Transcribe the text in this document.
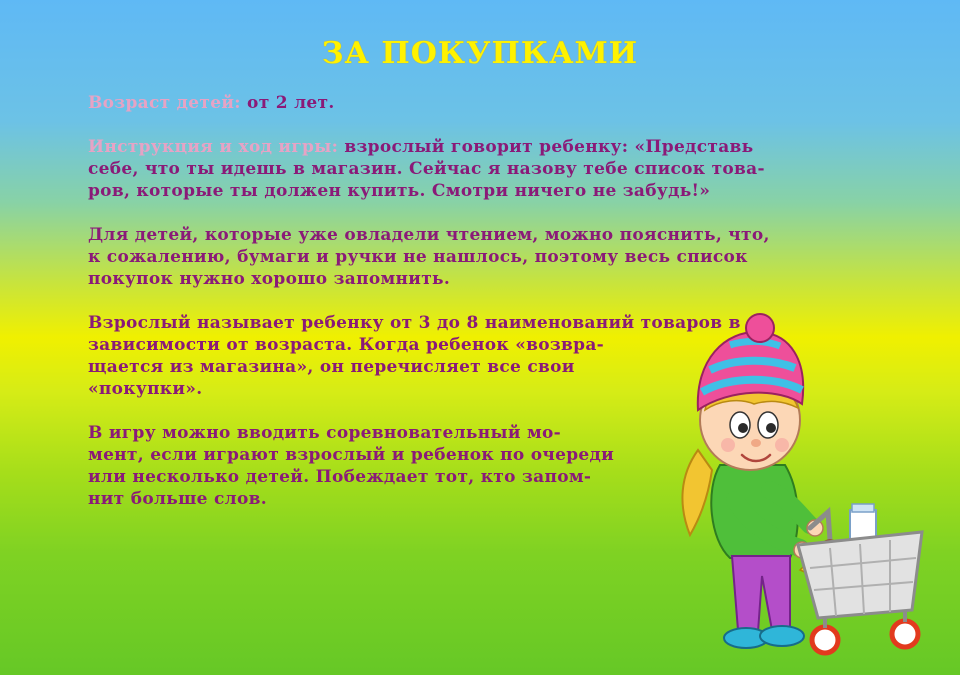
ЗА ПОКУПКАМИ

Возраст детей: от 2 лет.

Инструкция и ход игры: взрослый говорит ребенку: «Представь
себе, что ты идешь в магазин. Сейчас я назову тебе список това-
ров, которые ты должен купить. Смотри ничего не забудь!»

Для детей, которые уже овладели чтением, можно пояснить, что,
к сожалению, бумаги и ручки не нашлось, поэтому весь список
покупок нужно хорошо запомнить.

Взрослый называет ребенку от 3 до 8 наименований товаров в
зависимости от возраста. Когда ребенок «возвра-
щается из магазина», он перечисляет все свои
«покупки».

В игру можно вводить соревновательный мо-
мент, если играют взрослый и ребенок по очереди
или несколько детей. Побеждает тот, кто запом-
нит больше слов.
